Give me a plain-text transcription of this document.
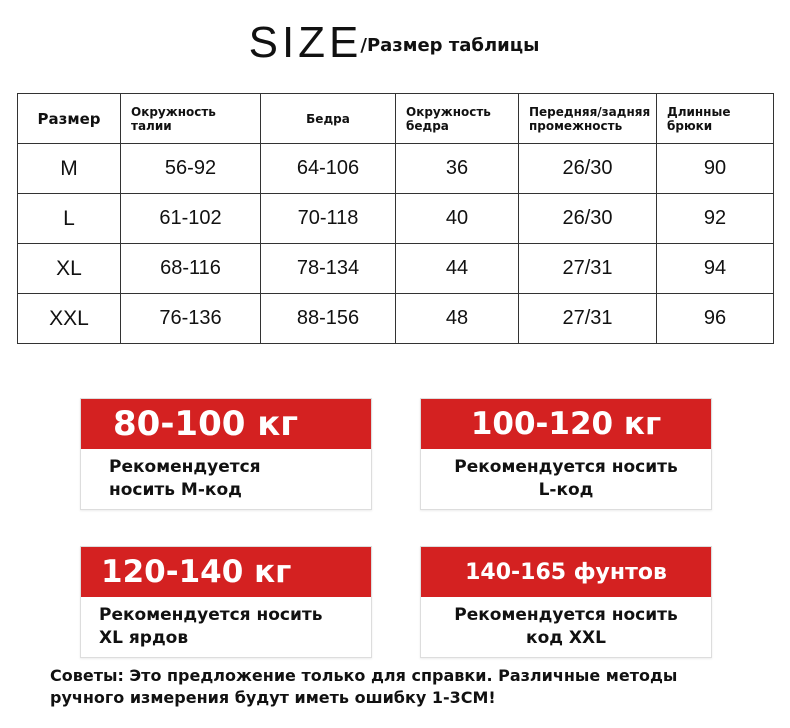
SIZE/Размер таблицы
Размер	Окружность талии	Бедра	Окружность бедра	Передняя/задняя промежность	Длинные брюки
M	56-92	64-106	36	26/30	90
L	61-102	70-118	40	26/30	92
XL	68-116	78-134	44	27/31	94
XXL	76-136	88-156	48	27/31	96
80-100 кг
Рекомендуется
носить M-код
100-120 кг
Рекомендуется носить
L-код
120-140 кг
Рекомендуется носить
XL ярдов
140-165 фунтов
Рекомендуется носить
код XXL
Советы: Это предложение только для справки. Различные методы
ручного измерения будут иметь ошибку 1-3CM!
